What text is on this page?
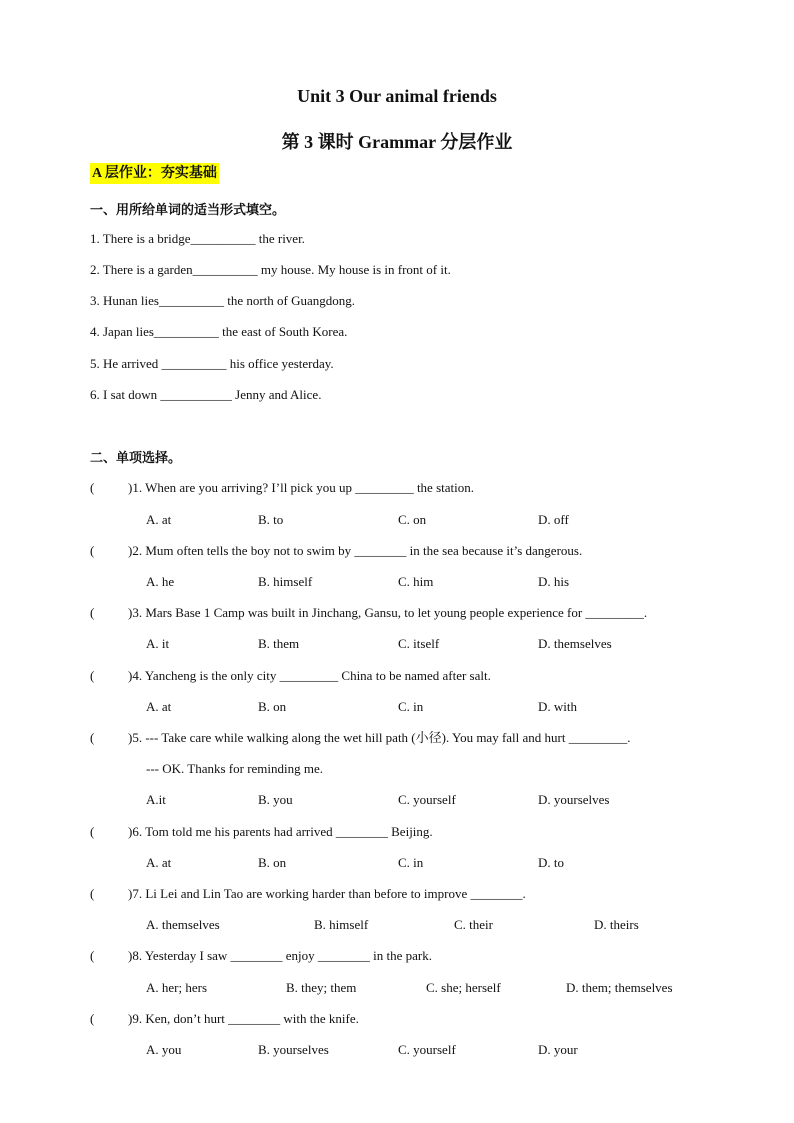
Unit 3 Our animal friends
第 3 课时 Grammar 分层作业
A 层作业：夯实基础
一、用所给单词的适当形式填空。
1. There is a bridge__________ the river.
2. There is a garden__________ my house. My house is in front of it.
3. Hunan lies__________ the north of Guangdong.
4. Japan lies__________ the east of South Korea.
5. He arrived __________ his office yesterday.
6. I sat down ___________ Jenny and Alice.
二、单项选择。
(	)1. When are you arriving? I’ll pick you up _________ the station.
A. at	B. to	C. on	D. off
(	)2. Mum often tells the boy not to swim by ________ in the sea because it’s dangerous.
A. he	B. himself	C. him	D. his
(	)3. Mars Base 1 Camp was built in Jinchang, Gansu, to let young people experience for _________.
A. it	B. them	C. itself	D. themselves
(	)4. Yancheng is the only city _________ China to be named after salt.
A. at	B. on	C. in	D. with
(	)5. --- Take care while walking along the wet hill path (小径). You may fall and hurt _________.
--- OK. Thanks for reminding me.
A.it	B. you	C. yourself	D. yourselves
(	)6. Tom told me his parents had arrived ________ Beijing.
A. at	B. on	C. in	D. to
(	)7. Li Lei and Lin Tao are working harder than before to improve ________.
A. themselves	B. himself	C. their	D. theirs
(	)8. Yesterday I saw ________ enjoy ________ in the park.
A. her; hers	B. they; them	C. she; herself	D. them; themselves
(	)9. Ken, don’t hurt ________ with the knife.
A. you	B. yourselves	C. yourself	D. your
